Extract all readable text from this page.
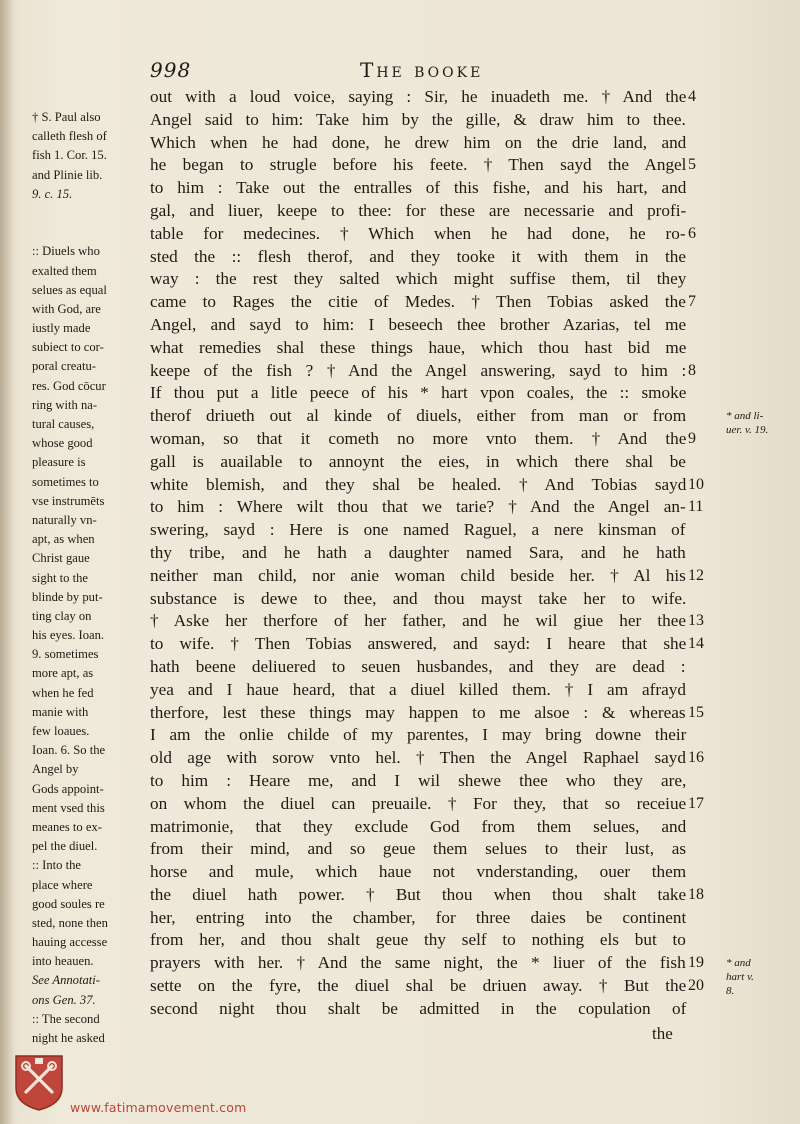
998	The booke
† S. Paul also
calleth flesh of
fish 1. Cor. 15.
and Plinie lib.
9. c. 15.
:: Diuels who
exalted them
selues as equal
with God, are
iustly made
subiect to cor-
poral creatu-
res. God cōcur
ring with na-
tural causes,
whose good
pleasure is
sometimes to
vse instrumēts
naturally vn-
apt, as when
Christ gaue
sight to the
blinde by put-
ting clay on
his eyes. Ioan.
9. sometimes
more apt, as
when he fed
manie with
few loaues.
Ioan. 6. So the
Angel by
Gods appoint-
ment vsed this
meanes to ex-
pel the diuel.
:: Into the
place where
good soules re
sted, none then
hauing accesse
into heauen.
See Annotati-
ons Gen. 37.
:: The second
night he asked
out with a loud voice, saying : Sir, he inuadeth me. † And the
Angel said to him: Take him by the gille, & draw him to thee.
Which when he had done, he drew him on the drie land, and
he began to strugle before his feete. † Then sayd the Angel
to him : Take out the entralles of this fishe, and his hart, and
gal, and liuer, keepe to thee: for these are necessarie and profi-
table for medecines. † Which when he had done, he ro-
sted the :: flesh therof, and they tooke it with them in the
way : the rest they salted which might suffise them, til they
came to Rages the citie of Medes. † Then Tobias asked the
Angel, and sayd to him: I beseech thee brother Azarias, tel me
what remedies shal these things haue, which thou hast bid me
keepe of the fish ? † And the Angel answering, sayd to him :
If thou put a litle peece of his * hart vpon coales, the :: smoke
therof driueth out al kinde of diuels, either from man or from
woman, so that it cometh no more vnto them. † And the
gall is auailable to annoynt the eies, in which there shal be
white blemish, and they shal be healed. † And Tobias sayd
to him : Where wilt thou that we tarie? † And the Angel an-
swering, sayd : Here is one named Raguel, a nere kinsman of
thy tribe, and he hath a daughter named Sara, and he hath
neither man child, nor anie woman child beside her. † Al his
substance is dewe to thee, and thou mayst take her to wife.
† Aske her therfore of her father, and he wil giue her thee
to wife. † Then Tobias answered, and sayd: I heare that she
hath beene deliuered to seuen husbandes, and they are dead :
yea and I haue heard, that a diuel killed them. † I am afrayd
therfore, lest these things may happen to me alsoe : & whereas
I am the onlie childe of my parentes, I may bring downe their
old age with sorow vnto hel. † Then the Angel Raphael sayd
to him : Heare me, and I wil shewe thee who they are,
on whom the diuel can preuaile. † For they, that so receiue
matrimonie, that they exclude God from them selues, and
from their mind, and so geue them selues to their lust, as
horse and mule, which haue not vnderstanding, ouer them
the diuel hath power. † But thou when thou shalt take
her, entring into the chamber, for three daies be continent
from her, and thou shalt geue thy self to nothing els but to
prayers with her. † And the same night, the * liuer of the fish
sette on the fyre, the diuel shal be driuen away. † But the
second night thou shalt be admitted in the copulation of
4
5
6
7
8
9
10
11
12
13
14
15
16
17
18
19
20
* and li-
uer. v. 19.
* and
hart v.
8.
the
www.fatimamovement.com
